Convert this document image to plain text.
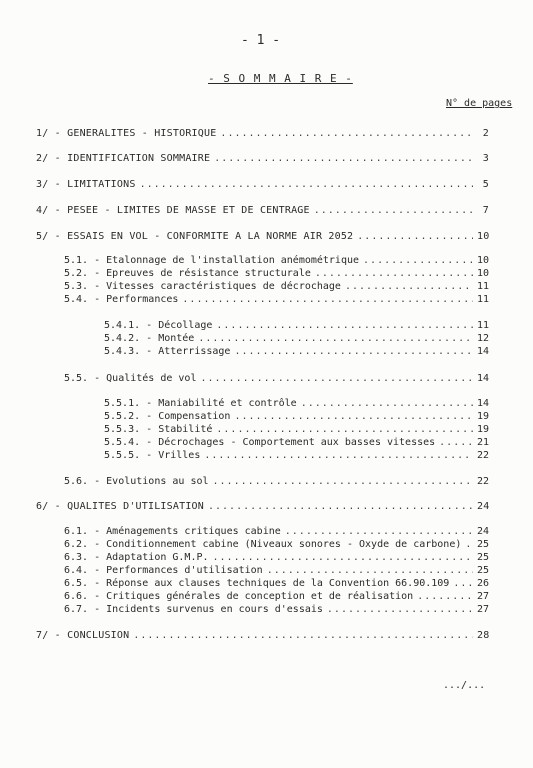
- 1 -
- S O M M A I R E -
N° de pages
1/ - GENERALITES - HISTORIQUE .....	2
2/ - IDENTIFICATION SOMMAIRE .....	3
3/ - LIMITATIONS .....	5
4/ - PESEE - LIMITES DE MASSE ET DE CENTRAGE .....	7
5/ - ESSAIS EN VOL - CONFORMITE A LA NORME AIR 2052 .....	10
5.1. - Etalonnage de l'installation anémométrique .....	10
5.2. - Epreuves de résistance structurale .....	10
5.3. - Vitesses caractéristiques de décrochage .....	11
5.4. - Performances .....	11
5.4.1. - Décollage .....	11
5.4.2. - Montée .....	12
5.4.3. - Atterrissage .....	14
5.5. - Qualités de vol .....	14
5.5.1. - Maniabilité et contrôle .....	14
5.5.2. - Compensation .....	19
5.5.3. - Stabilité .....	19
5.5.4. - Décrochages - Comportement aux basses vitesses .....	21
5.5.5. - Vrilles .....	22
5.6. - Evolutions au sol .....	22
6/ - QUALITES D'UTILISATION .....	24
6.1. - Aménagements critiques cabine .....	24
6.2. - Conditionnement cabine (Niveaux sonores - Oxyde de carbone) ..... 25
6.3. - Adaptation G.M.P. .....	25
6.4. - Performances d'utilisation .....	25
6.5. - Réponse aux clauses techniques de la Convention 66.90.109 .....	26
6.6. - Critiques générales de conception et de réalisation .....	27
6.7. - Incidents survenus en cours d'essais .....	27
7/ - CONCLUSION .....	28
.../...
